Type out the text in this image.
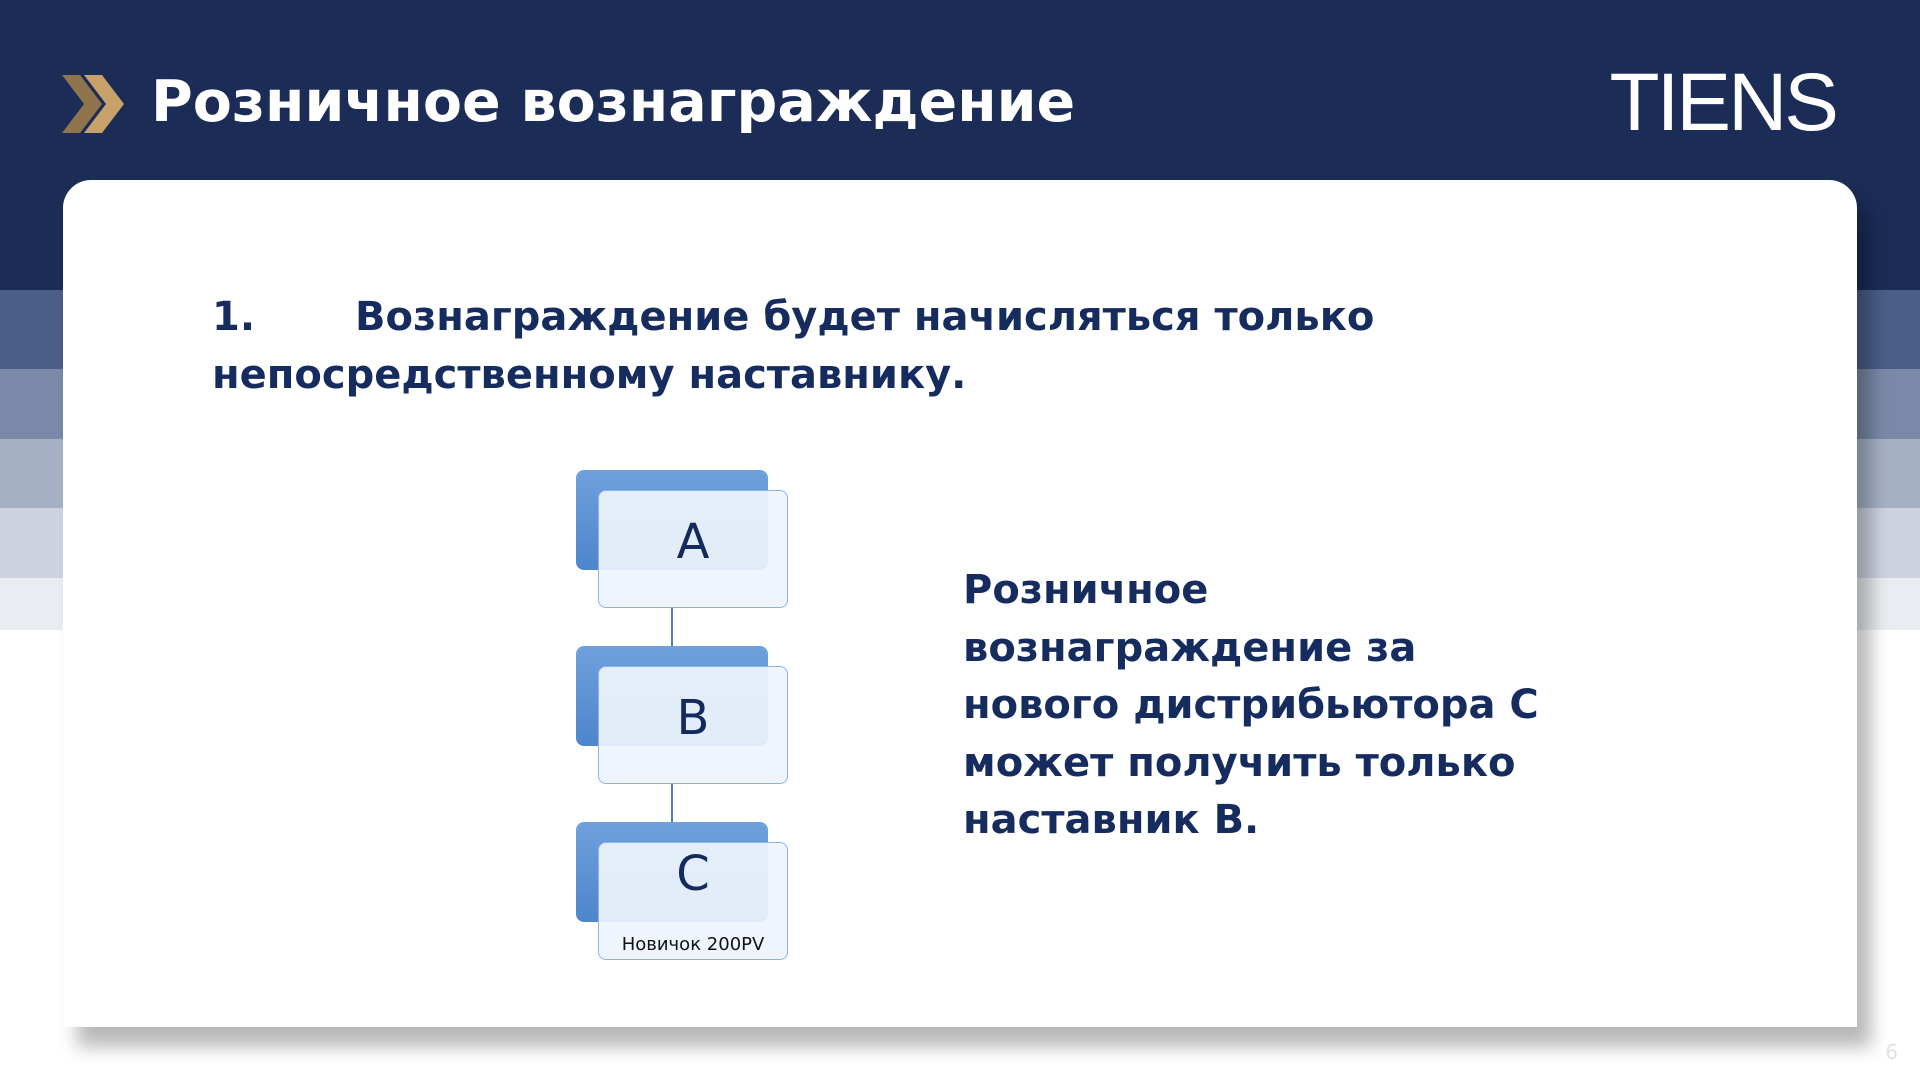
Розничное вознаграждение	TIENS
1. Вознаграждение будет начисляться только непосредственному наставнику.
A
B
C
Новичок 200PV
Розничное
вознаграждение за
нового дистрибьютора С
может получить только
наставник В.
6
